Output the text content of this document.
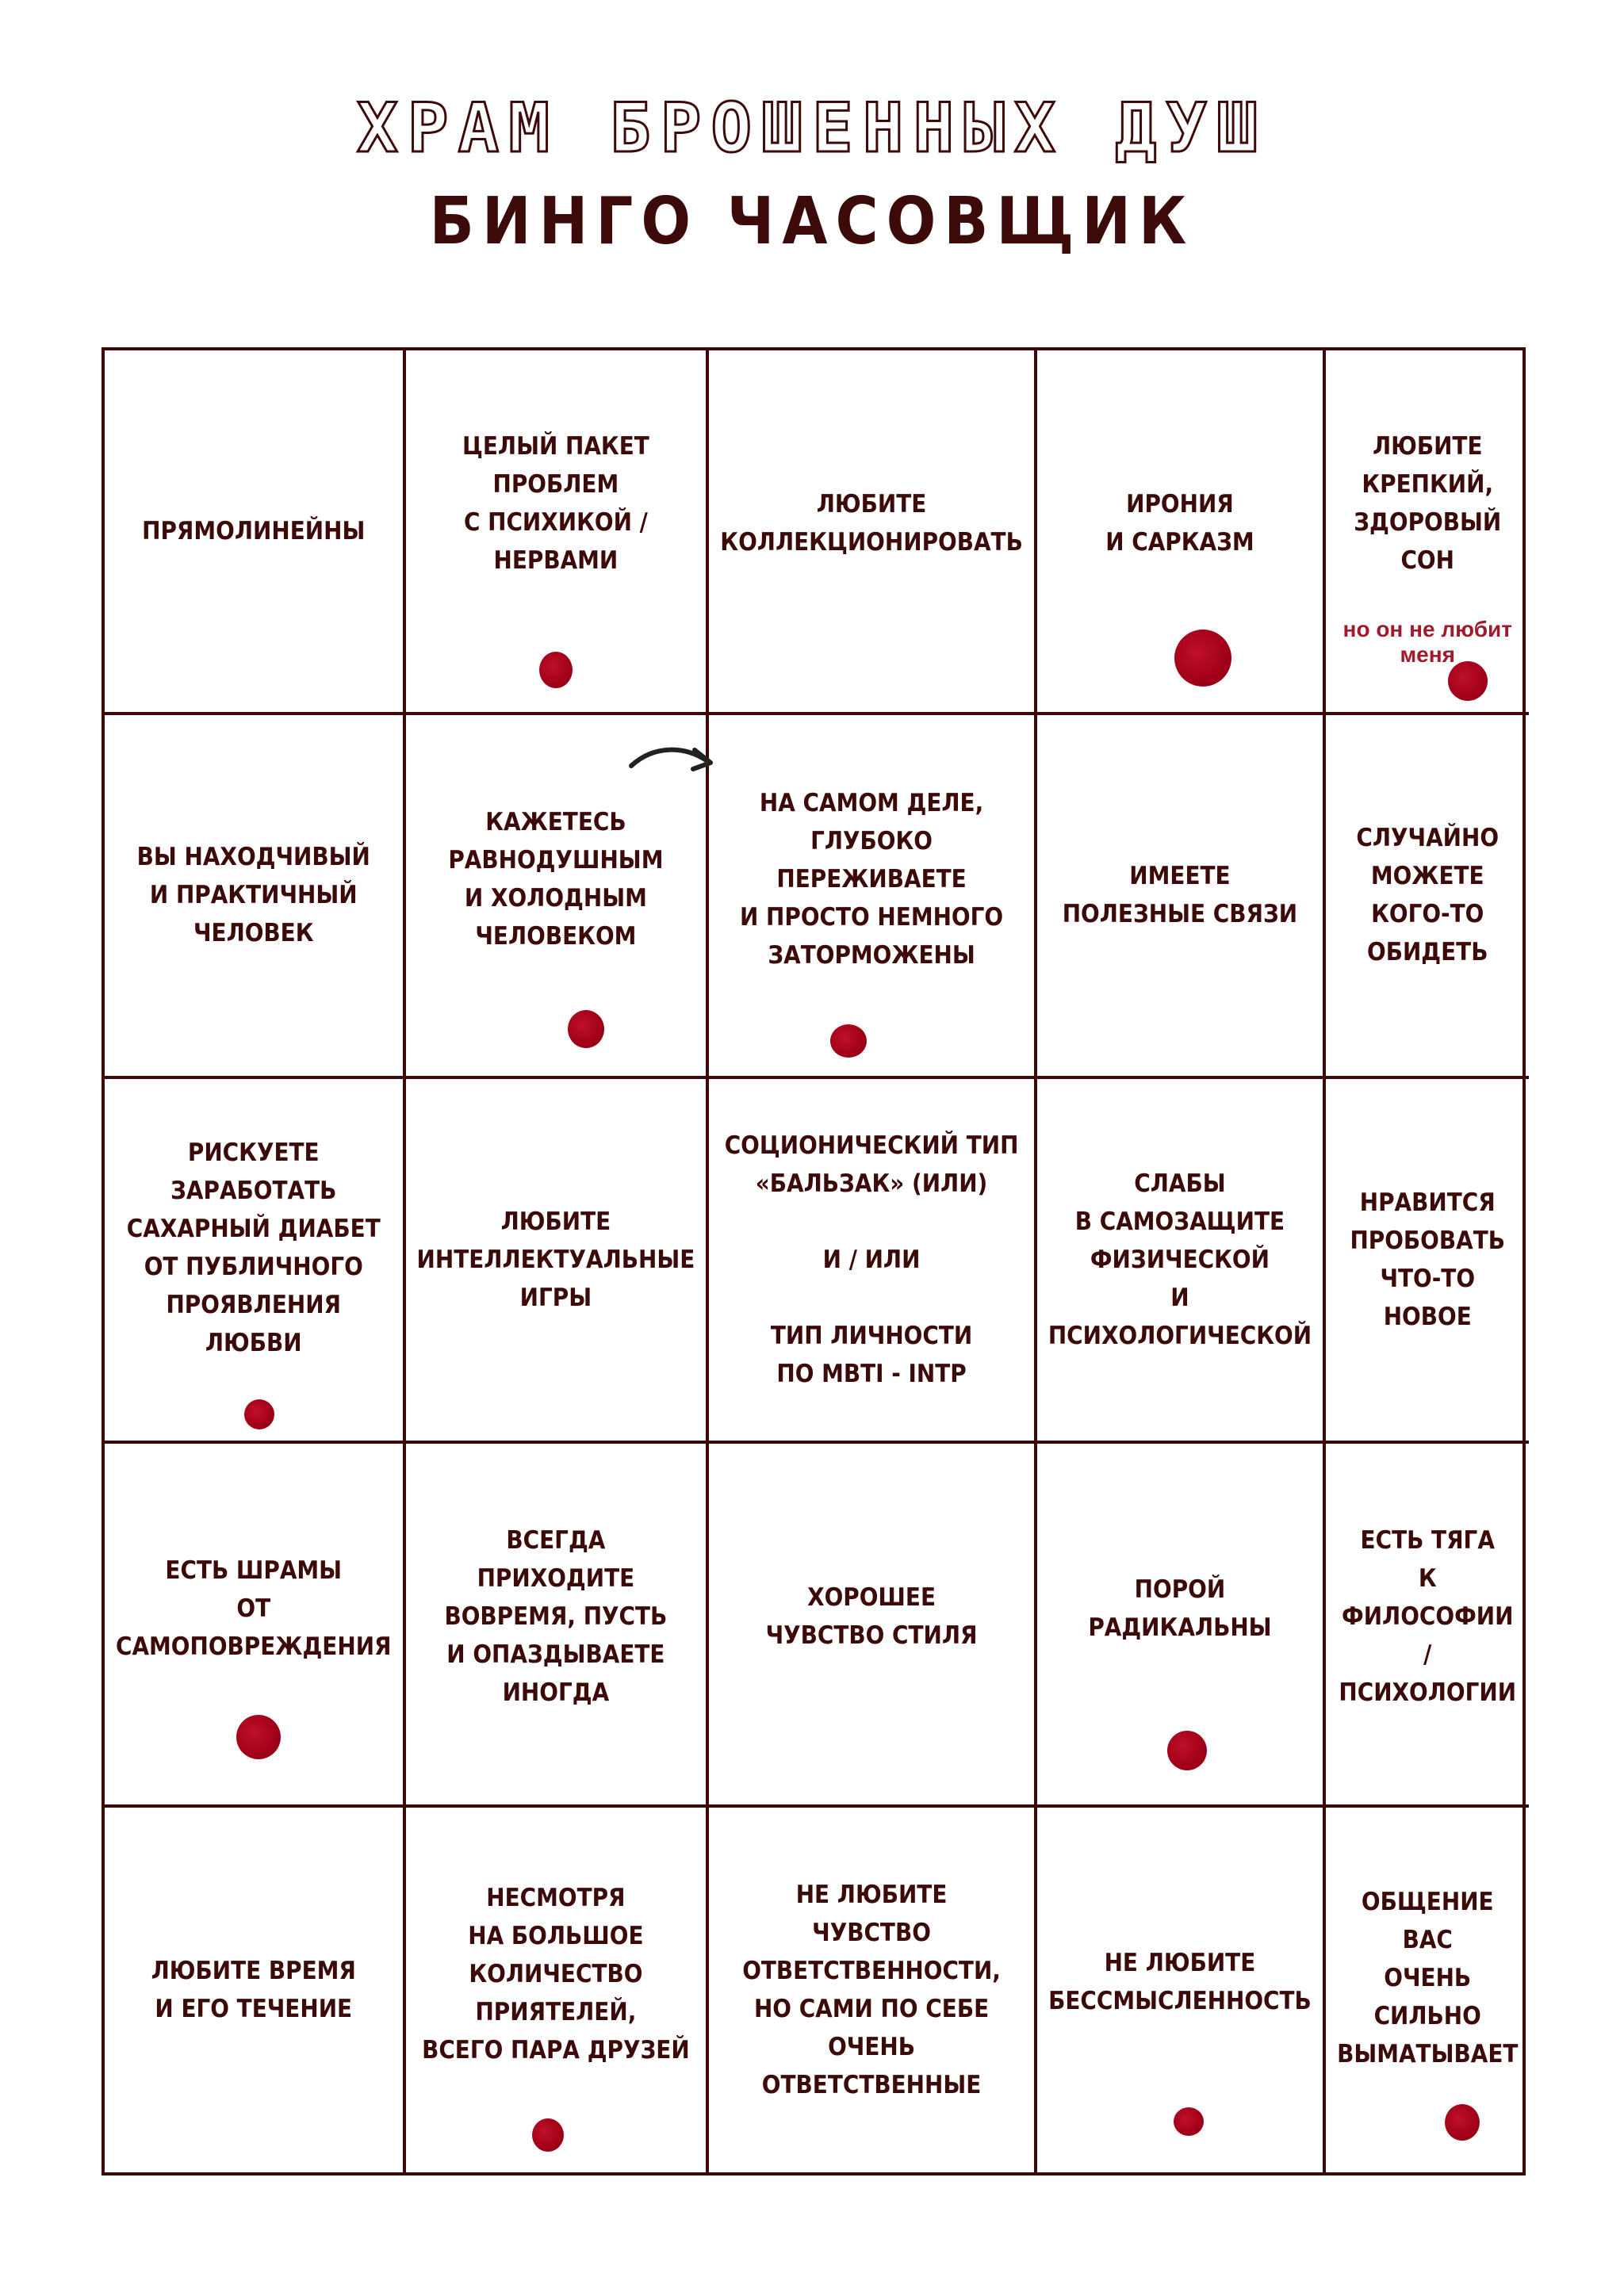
ХРАМ БРОШЕННЫХ ДУШ
БИНГО ЧАСОВЩИК
ПРЯМОЛИНЕЙНЫ
ЦЕЛЫЙ ПАКЕТ
ПРОБЛЕМ
С ПСИХИКОЙ /
НЕРВАМИ
ЛЮБИТЕ
КОЛЛЕКЦИОНИРОВАТЬ
ИРОНИЯ
И САРКАЗМ
ЛЮБИТЕ
КРЕПКИЙ,
ЗДОРОВЫЙ
СОН
но он не любит меня
ВЫ НАХОДЧИВЫЙ
И ПРАКТИЧНЫЙ
ЧЕЛОВЕК
КАЖЕТЕСЬ
РАВНОДУШНЫМ
И ХОЛОДНЫМ
ЧЕЛОВЕКОМ
НА САМОМ ДЕЛЕ,
ГЛУБОКО
ПЕРЕЖИВАЕТЕ
И ПРОСТО НЕМНОГО
ЗАТОРМОЖЕНЫ
ИМЕЕТЕ
ПОЛЕЗНЫЕ СВЯЗИ
СЛУЧАЙНО МОЖЕТЕ
КОГО-ТО ОБИДЕТЬ
РИСКУЕТЕ
ЗАРАБОТАТЬ
САХАРНЫЙ ДИАБЕТ
ОТ ПУБЛИЧНОГО
ПРОЯВЛЕНИЯ
ЛЮБВИ
ЛЮБИТЕ
ИНТЕЛЛЕКТУАЛЬНЫЕ
ИГРЫ
СОЦИОНИЧЕСКИЙ ТИП
«БАЛЬЗАК» (ИЛИ)

И / ИЛИ

ТИП ЛИЧНОСТИ
ПО MBTI - INTP
СЛАБЫ
В САМОЗАЩИТЕ
ФИЗИЧЕСКОЙ
И ПСИХОЛОГИЧЕСКОЙ
НРАВИТСЯ
ПРОБОВАТЬ ЧТО-ТО
НОВОЕ
ЕСТЬ ШРАМЫ
ОТ САМОПОВРЕЖДЕНИЯ
ВСЕГДА
ПРИХОДИТЕ
ВОВРЕМЯ, ПУСТЬ
И ОПАЗДЫВАЕТЕ
ИНОГДА
ХОРОШЕЕ
ЧУВСТВО СТИЛЯ
ПОРОЙ
РАДИКАЛЬНЫ
ЕСТЬ ТЯГА
К ФИЛОСОФИИ /
ПСИХОЛОГИИ
ЛЮБИТЕ ВРЕМЯ
И ЕГО ТЕЧЕНИЕ
НЕСМОТРЯ
НА БОЛЬШОЕ
КОЛИЧЕСТВО
ПРИЯТЕЛЕЙ,
ВСЕГО ПАРА ДРУЗЕЙ
НЕ ЛЮБИТЕ
ЧУВСТВО
ОТВЕТСТВЕННОСТИ,
НО САМИ ПО СЕБЕ
ОЧЕНЬ
ОТВЕТСТВЕННЫЕ
НЕ ЛЮБИТЕ
БЕССМЫСЛЕННОСТЬ
ОБЩЕНИЕ ВАС
ОЧЕНЬ СИЛЬНО
ВЫМАТЫВАЕТ
